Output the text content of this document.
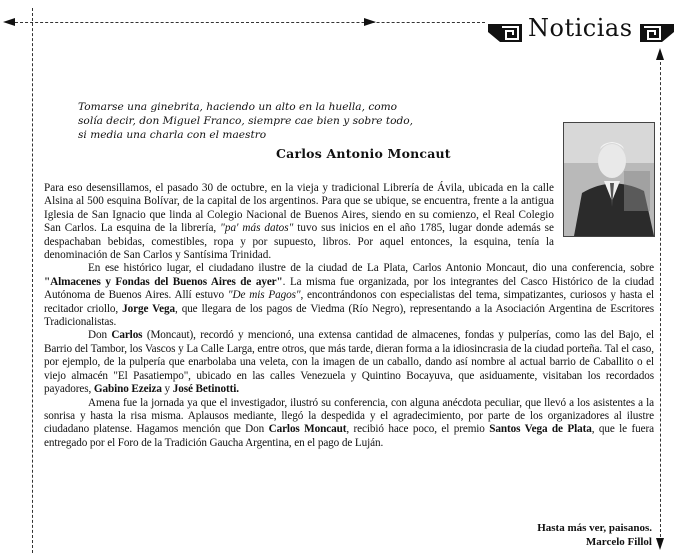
Noticias
Tomarse una ginebrita, haciendo un alto en la huella, como
solía decir, don Miguel Franco, siempre cae bien y sobre todo,
si media una charla con el maestro
Carlos Antonio Moncaut

Para eso desensillamos, el pasado 30 de octubre, en la vieja y tradicional Librería de Ávila, ubicada en la calle Alsina al 500 esquina Bolívar, de la capital de los argentinos. Para que se ubique, se encuentra, frente a la antigua Iglesia de San Ignacio que linda al Colegio Nacional de Buenos Aires, siendo en su comienzo, el Real Colegio San Carlos. La esquina de la librería, "pa' más datos" tuvo sus inicios en el año 1785, lugar donde además se despachaban bebidas, comestibles, ropa y por supuesto, libros. Por aquel entonces, la esquina, tenía la denominación de San Carlos y Santísima Trinidad.

En ese histórico lugar, el ciudadano ilustre de la ciudad de La Plata, Carlos Antonio Moncaut, dio una conferencia, sobre "Almacenes y Fondas del Buenos Aires de ayer". La misma fue organizada, por los integrantes del Casco Histórico de la ciudad Autónoma de Buenos Aires. Allí estuvo "De mis Pagos", encontrándonos con especialistas del tema, simpatizantes, curiosos y hasta el recitador criollo, Jorge Vega, que llegara de los pagos de Viedma (Río Negro), representando a la Asociación Argentina de Escritores Tradicionalistas.

Don Carlos (Moncaut), recordó y mencionó, una extensa cantidad de almacenes, fondas y pulperías, como las del Bajo, el Barrio del Tambor, los Vascos y La Calle Larga, entre otros, que más tarde, dieran forma a la idiosincrasia de la ciudad porteña. Tal el caso, por ejemplo, de la pulpería que enarbolaba una veleta, con la imagen de un caballo, dando así nombre al actual barrio de Caballito o el viejo almacén "El Pasatiempo", ubicado en las calles Venezuela y Quintino Bocayuva, que asiduamente, visitaban los recordados payadores, Gabino Ezeiza y José Betinotti.

Amena fue la jornada ya que el investigador, ilustró su conferencia, con alguna anécdota peculiar, que llevó a los asistentes a la sonrisa y hasta la risa misma. Aplausos mediante, llegó la despedida y el agradecimiento, por parte de los organizadores al ilustre ciudadano platense. Hagamos mención que Don Carlos Moncaut, recibió hace poco, el premio Santos Vega de Plata, que le fuera entregado por el Foro de la Tradición Gaucha Argentina, en el pago de Luján.

Hasta más ver, paisanos.
Marcelo Fillol
